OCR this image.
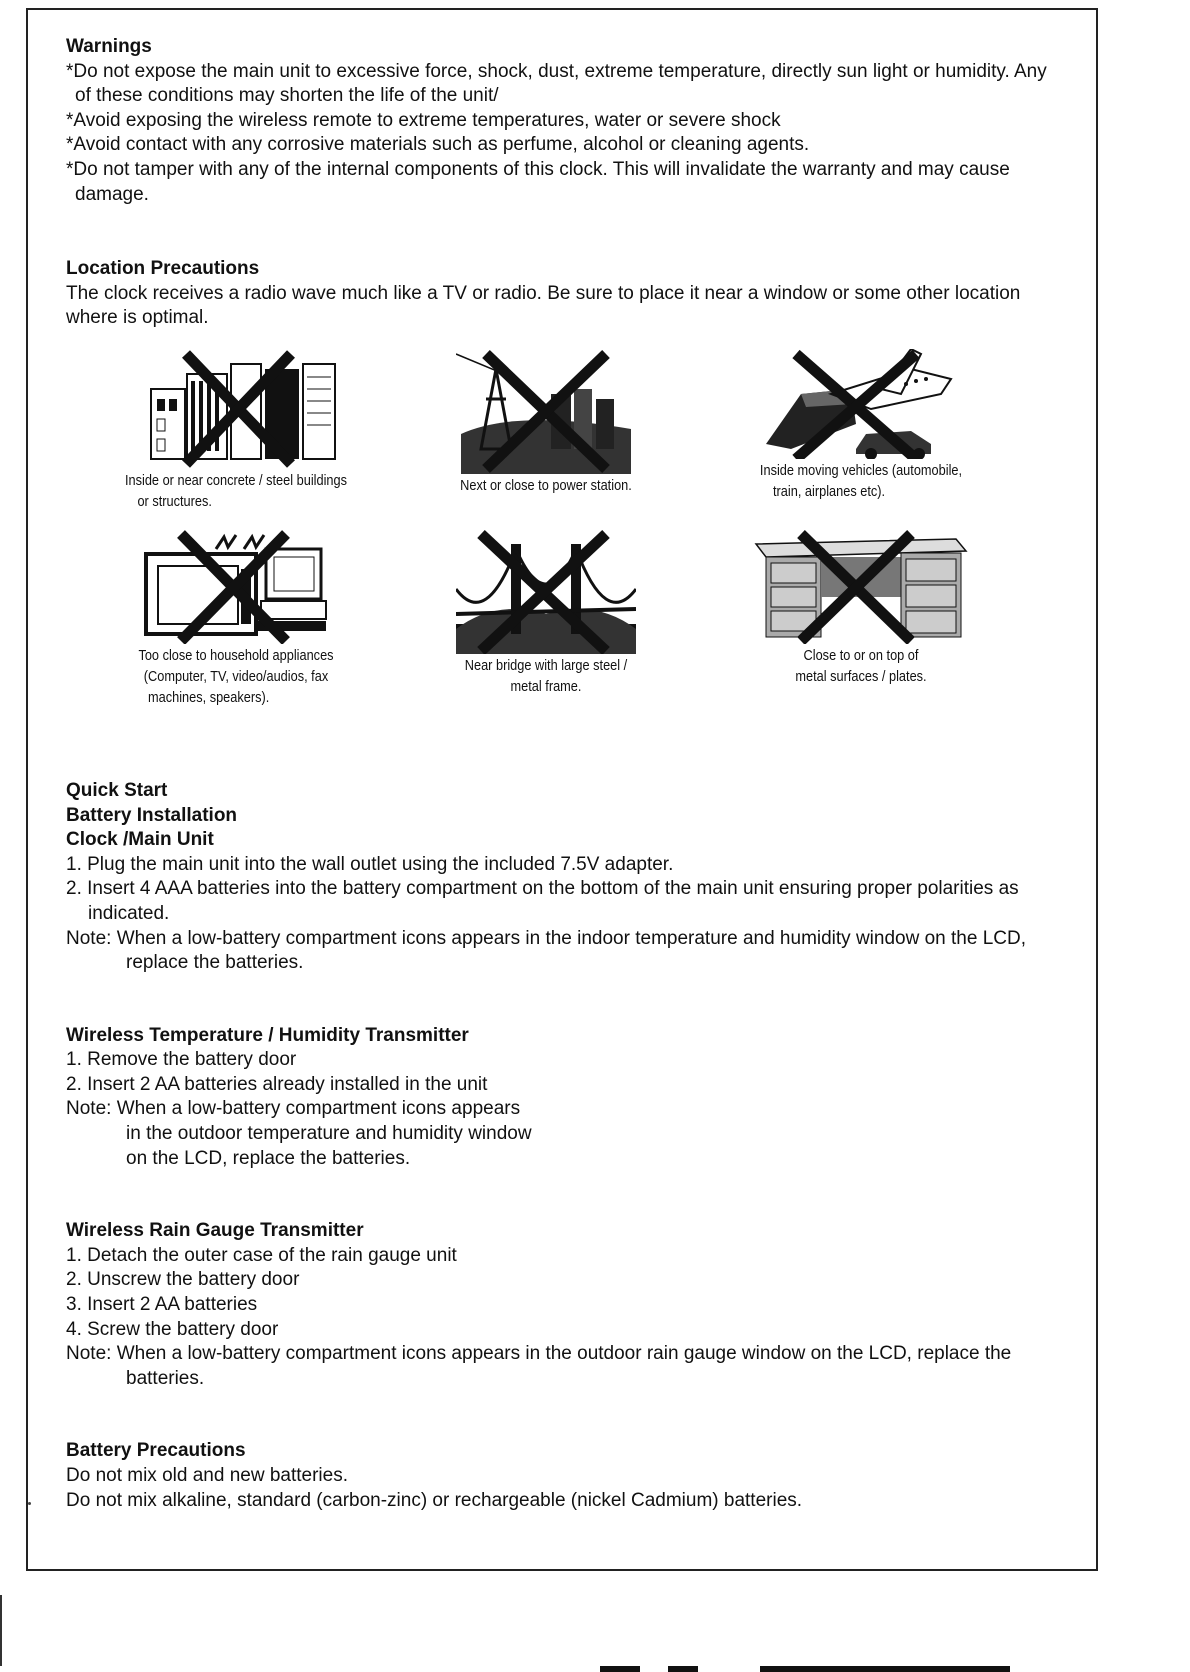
Warnings

*Do not expose the main unit to excessive force, shock, dust, extreme temperature, directly sun light or humidity. Any of these conditions may shorten the life of the unit/

*Avoid exposing the wireless remote to extreme temperatures, water or severe shock

*Avoid contact with any corrosive materials such as perfume, alcohol or cleaning agents.

*Do not tamper with any of the internal components of this clock. This will invalidate the warranty and may cause damage.

Location Precautions

The clock receives a radio wave much like a TV or radio. Be sure to place it near a window or some other location where is optimal.

Inside or near concrete / steel buildings
or structures.
Next or close to power station.
Inside moving vehicles (automobile,
train, airplanes etc).
Too close to household appliances
(Computer, TV, video/audios, fax
machines, speakers).
Near bridge with large steel /
metal frame.
Close to or on top of
metal surfaces / plates.
Quick Start
Battery Installation
Clock /Main Unit

1. Plug the main unit into the wall outlet using the included 7.5V adapter.

2. Insert 4 AAA batteries into the battery compartment on the bottom of the main unit ensuring proper polarities as indicated.

Note: When a low-battery compartment icons appears in the indoor temperature and humidity window on the LCD, replace the batteries.

Wireless Temperature / Humidity Transmitter

1. Remove the battery door

2. Insert 2 AA batteries already installed in the unit

Note: When a low-battery compartment icons appears

in the outdoor temperature and humidity window

on the LCD, replace the batteries.

Wireless Rain Gauge Transmitter

1. Detach the outer case of the rain gauge unit

2. Unscrew the battery door

3. Insert 2 AA batteries

4. Screw the battery door

Note: When a low-battery compartment icons appears in the outdoor rain gauge window on the LCD, replace the batteries.

Battery Precautions

Do not mix old and new batteries.

Do not mix alkaline, standard (carbon-zinc) or rechargeable (nickel Cadmium) batteries.
